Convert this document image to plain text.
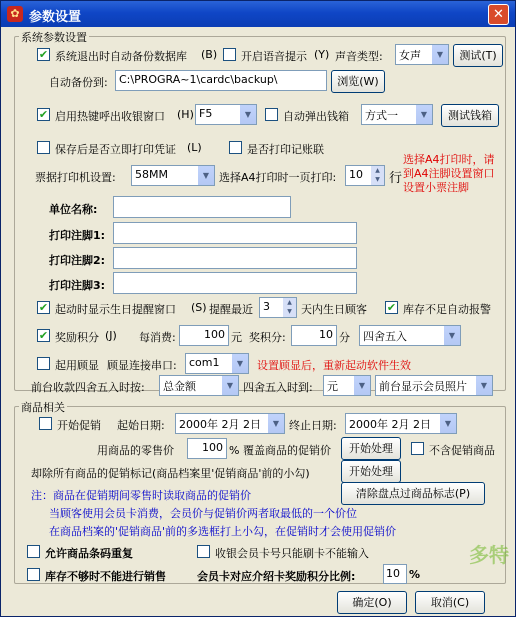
✿ 参数设置	✕
系统参数设置
✔ 系统退出时自动备份数据库 (B) 开启语音提示 (Y) 声音类型:	女声	▼	测试(T)
自动备份到:	C:\PROGRA~1\cardc\backup\	浏览(W)
✔ 启用热键呼出收银窗口 (H) F5	▼	自动弹出钱箱	方式一	▼	测试钱箱
保存后是否立即打印凭证 (L)	是否打印记账联
票据打印机设置:	58MM	▼ 选择A4打印时一页打印:	10	▲
▼ 行
选择A4打印时，请
到A4注脚设置窗口
设置小票注脚
单位名称:
打印注脚1:
打印注脚2:
打印注脚3:
✔ 起动时显示生日提醒窗口 (S) 提醒最近 3	▲
▼ 天内生日顾客 ✔ 库存不足自动报警
✔ 奖励积分 (J) 每消费:	100 元 奖积分:	10 分	四舍五入	▼
起用顾显 顾显连接串口:	com1	▼	设置顾显后，重新起动软件生效
前台收款四舍五入时按:	总金额	▼ 四舍五入时到:	元	▼	前台显示会员照片	▼
商品相关
开始促销 起始日期:	2000年 2月 2日	▼ 终止日期:	2000年 2月 2日	▼
用商品的零售价	100 % 覆盖商品的促销价	开始处理	不含促销商品
却除所有商品的促销标记(商品档案里'促销商品'前的小勾)	开始处理
注：商品在促销期间零售时读取商品的促销价	清除盘点过商品标志(P)
当顾客使用会员卡消费，会员价与促销价两者取最低的一个价位
在商品档案的'促销商品'前的多选框打上小勾，在促销时才会使用促销价
允许商品条码重复	收银会员卡号只能刷卡不能输入
库存不够时不能进行销售	会员卡对应介绍卡奖励积分比例:	10 %
多特
确定(O)	取消(C)
